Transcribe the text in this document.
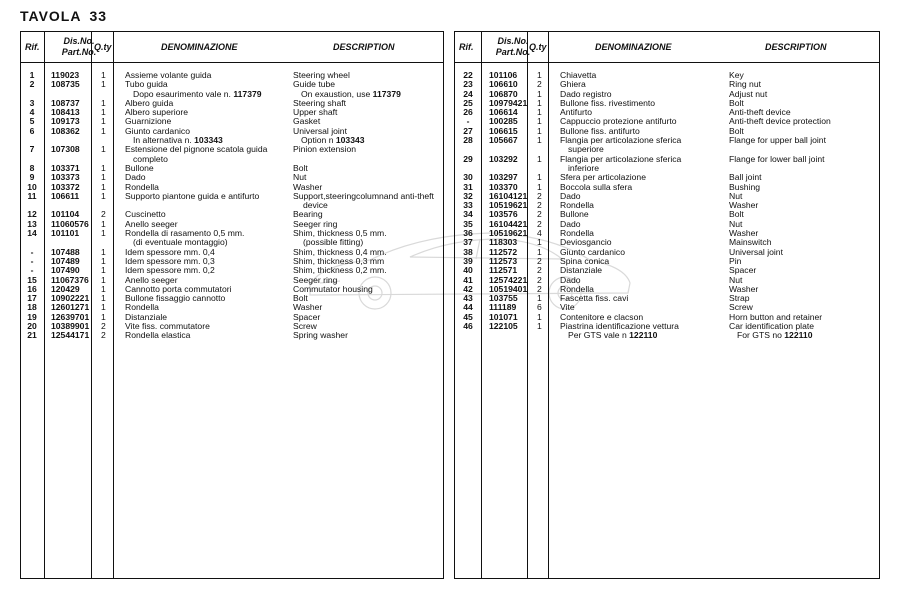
TAVOLA 33
Rif.
Dis.No.
Part.No.
Q.ty	DENOMINAZIONE	DESCRIPTION
1	119023	1 Assieme volante guida	Steering wheel
2	108735 1 Tubo guida	Guide tube
Dopo esaurimento vale n. 117379	On exaustion, use 117379
3	108737 1 Albero guida	Steering shaft
4	108413 1 Albero superiore	Upper shaft
5	109173 1 Guarnizione	Gasket
6	108362 1 Giunto cardanico	Universal joint
In alternativa n. 103343	Option n 103343
7	107308 1 Estensione del pignone scatola guida	Pinion extension
completo
8	103371 1 Bullone	Bolt
9	103373 1 Dado	Nut
10	103372 1 Rondella	Washer
11	106611	1 Supporto piantone guida e antifurto	Support,steeringcolumnand anti-theft
device
12	101104	2 Cuscinetto	Bearing
13	11060576 1 Anello seeger	Seeger ring
14	101101	1 Rondella di rasamento 0,5 mm.	Shim, thickness 0,5 mm.
(di eventuale montaggio)	(possible fitting)
-	107488 1 Idem spessore mm. 0,4	Shim, thickness 0,4 mm.
-	107489 1 Idem spessore mm. 0,3	Shim, thickness 0,3 mm
-	107490 1 Idem spessore mm. 0,2	Shim, thickness 0,2 mm.
15	11067376 1 Anello seeger	Seeger ring
16	120429 1 Cannotto porta commutatori	Commutator housing
17	10902221 1 Bullone fissaggio cannotto	Bolt
18	12601271 1 Rondella	Washer
19	12639701 1 Distanziale	Spacer
20	10389901 2 Vite fiss. commutatore	Screw
21	12544171 2 Rondella elastica	Spring washer
Rif.
Dis.No.
Part.No.
Q.ty	DENOMINAZIONE	DESCRIPTION
22	101106 1 Chiavetta	Key
23	106610 2 Ghiera	Ring nut
24	106870 1 Dado registro	Adjust nut
25	10979421 1 Bullone fiss. rivestimento	Bolt
26	106614 1 Antifurto	Anti-theft device
-	100285 1 Cappuccio protezione antifurto	Anti-theft device protection
27	106615 1 Bullone fiss. antifurto	Bolt
28	105667 1 Flangia per articolazione sferica	Flange for upper ball joint
superiore
29	103292 1 Flangia per articolazione sferica	Flange for lower ball joint
inferiore
30	103297 1 Sfera per articolazione	Ball joint
31	103370 1 Boccola sulla sfera	Bushing
32	16104121 2 Dado	Nut
33	10519621 2 Rondella	Washer
34	103576 2 Bullone	Bolt
35	16104421 2 Dado	Nut
36	10519621 4 Rondella	Washer
37	118303 1 Deviosgancio	Mainswitch
38	112572 1 Giunto cardanico	Universal joint
39	112573 2 Spina conica	Pin
40	112571 2 Distanziale	Spacer
41	12574221 2 Dado	Nut
42	10519401 2 Rondella	Washer
43	103755 1 Fascetta fiss. cavi	Strap
44	111189 6 Vite	Screw
45	101071 1 Contenitore e clacson	Horn button and retainer
46	122105 1 Piastrina identificazione vettura	Car identification plate
Per GTS vale n 122110	For GTS no 122110
